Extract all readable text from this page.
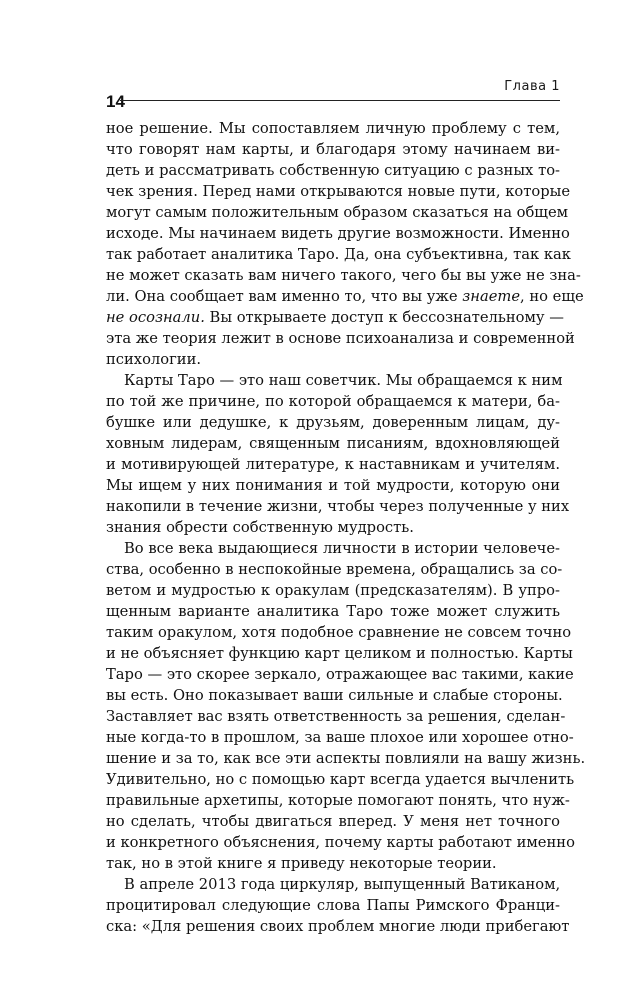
Глава 1
14
ное решение. Мы сопоставляем личную проблему с тем,
что говорят нам карты, и благодаря этому начинаем ви-
деть и рассматривать собственную ситуацию с разных то-
чек зрения. Перед нами открываются новые пути, которые
могут самым положительным образом сказаться на общем
исходе. Мы начинаем видеть другие возможности. Именно
так работает аналитика Таро. Да, она субъективна, так как
не может сказать вам ничего такого, чего бы вы уже не зна-
ли. Она сообщает вам именно то, что вы уже знаете, но еще
не осознали. Вы открываете доступ к бессознательному —
эта же теория лежит в основе психоанализа и современной
психологии.
Карты Таро — это наш советчик. Мы обращаемся к ним
по той же причине, по которой обращаемся к матери, ба-
бушке или дедушке, к друзьям, доверенным лицам, ду-
ховным лидерам, священным писаниям, вдохновляющей
и мотивирующей литературе, к наставникам и учителям.
Мы ищем у них понимания и той мудрости, которую они
накопили в течение жизни, чтобы через полученные у них
знания обрести собственную мудрость.
Во все века выдающиеся личности в истории человече-
ства, особенно в неспокойные времена, обращались за со-
ветом и мудростью к оракулам (предсказателям). В упро-
щенным варианте аналитика Таро тоже может служить
таким оракулом, хотя подобное сравнение не совсем точно
и не объясняет функцию карт целиком и полностью. Карты
Таро — это скорее зеркало, отражающее вас такими, какие
вы есть. Оно показывает ваши сильные и слабые стороны.
Заставляет вас взять ответственность за решения, сделан-
ные когда-то в прошлом, за ваше плохое или хорошее отно-
шение и за то, как все эти аспекты повлияли на вашу жизнь.
Удивительно, но с помощью карт всегда удается вычленить
правильные архетипы, которые помогают понять, что нуж-
но сделать, чтобы двигаться вперед. У меня нет точного
и конкретного объяснения, почему карты работают именно
так, но в этой книге я приведу некоторые теории.
В апреле 2013 года циркуляр, выпущенный Ватиканом,
процитировал следующие слова Папы Римского Франци-
ска: «Для решения своих проблем многие люди прибегают
